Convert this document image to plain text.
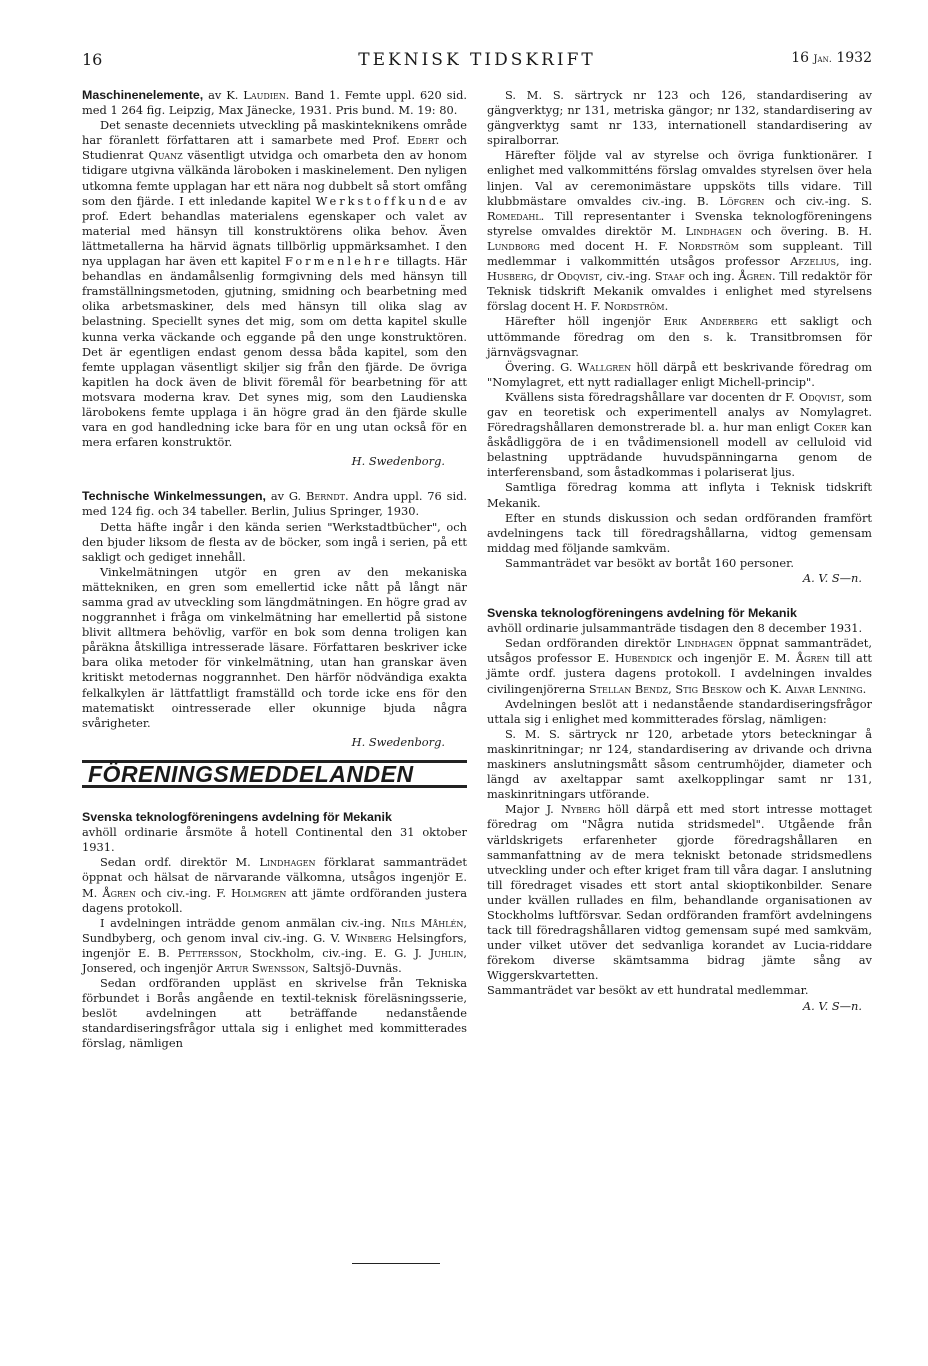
16	TEKNISK TIDSKRIFT	16 Jan. 1932

Maschinenelemente, av K. Laudien. Band 1. Femte uppl. 620 sid. med 1 264 fig. Leipzig, Max Jänecke, 1931. Pris bund. M. 19: 80.

Det senaste decenniets utveckling på maskinteknikens område har föranlett författaren att i samarbete med Prof. Edert och Studienrat Quanz väsentligt utvidga och omarbeta den av honom tidigare utgivna välkända läroboken i maskinelement. Den nyligen utkomna femte upplagan har ett nära nog dubbelt så stort omfång som den fjärde. I ett inledande kapitel Werkstoffkunde av prof. Edert behandlas materialens egenskaper och valet av material med hänsyn till konstruktörens olika behov. Även lättmetallerna ha härvid ägnats tillbörlig uppmärksamhet. I den nya upplagan har även ett kapitel Formenlehre tillagts. Här behandlas en ändamålsenlig formgivning dels med hänsyn till framställningsmetoden, gjutning, smidning och bearbetning med olika arbetsmaskiner, dels med hänsyn till olika slag av belastning. Speciellt synes det mig, som om detta kapitel skulle kunna verka väckande och eggande på den unge konstruktören. Det är egentligen endast genom dessa båda kapitel, som den femte upplagan väsentligt skiljer sig från den fjärde. De övriga kapitlen ha dock även de blivit föremål för bearbetning för att motsvara moderna krav. Det synes mig, som den Laudienska lärobokens femte upplaga i än högre grad än den fjärde skulle vara en god handledning icke bara för en ung utan också för en mera erfaren konstruktör.

H. Swedenborg.

Technische Winkelmessungen, av G. Berndt. Andra uppl. 76 sid. med 124 fig. och 34 tabeller. Berlin, Julius Springer, 1930.

Detta häfte ingår i den kända serien "Werkstadtbücher", och den bjuder liksom de flesta av de böcker, som ingå i serien, på ett sakligt och gediget innehåll.

Vinkelmätningen utgör en gren av den mekaniska mättekniken, en gren som emellertid icke nått på långt när samma grad av utveckling som längdmätningen. En högre grad av noggrannhet i fråga om vinkelmätning har emellertid på sistone blivit alltmera behövlig, varför en bok som denna troligen kan påräkna åtskilliga intresserade läsare. Författaren beskriver icke bara olika metoder för vinkelmätning, utan han granskar även kritiskt metodernas noggrannhet. Den härför nödvändiga exakta felkalkylen är lättfattligt framställd och torde icke ens för den matematiskt ointresserade eller okunnige bjuda några svårigheter.

H. Swedenborg.
FÖRENINGSMEDDELANDEN
Svenska teknologföreningens avdelning för Mekanik

avhöll ordinarie årsmöte å hotell Continental den 31 oktober 1931.

Sedan ordf. direktör M. Lindhagen förklarat sammanträdet öppnat och hälsat de närvarande välkomna, utsågos ingenjör E. M. Ågren och civ.-ing. F. Holmgren att jämte ordföranden justera dagens protokoll.

I avdelningen inträdde genom anmälan civ.-ing. Nils Måhlén, Sundbyberg, och genom inval civ.-ing. G. V. Winberg Helsingfors, ingenjör E. B. Pettersson, Stockholm, civ.-ing. E. G. J. Juhlin, Jonsered, och ingenjör Artur Swensson, Saltsjö-Duvnäs.

Sedan ordföranden uppläst en skrivelse från Tekniska förbundet i Borås angående en textil-teknisk föreläsningsserie, beslöt avdelningen att beträffande nedanstående standardiseringsfrågor uttala sig i enlighet med kommitterades förslag, nämligen

S. M. S. särtryck nr 123 och 126, standardisering av gängverktyg; nr 131, metriska gängor; nr 132, standardisering av gängverktyg samt nr 133, internationell standardisering av spiralborrar.

Härefter följde val av styrelse och övriga funktionärer. I enlighet med valkommitténs förslag omvaldes styrelsen över hela linjen. Val av ceremonimästare uppsköts tills vidare. Till klubbmästare omvaldes civ.-ing. B. Löfgren och civ.-ing. S. Romedahl. Till representanter i Svenska teknologföreningens styrelse omvaldes direktör M. Lindhagen och övering. B. H. Lundborg med docent H. F. Nordström som suppleant. Till medlemmar i valkommittén utsågos professor Afzelius, ing. Husberg, dr Odqvist, civ.-ing. Staaf och ing. Ågren. Till redaktör för Teknisk tidskrift Mekanik omvaldes i enlighet med styrelsens förslag docent H. F. Nordström.

Härefter höll ingenjör Erik Anderberg ett sakligt och uttömmande föredrag om den s. k. Transitbromsen för järnvägsvagnar.

Övering. G. Wallgren höll därpå ett beskrivande föredrag om "Nomylagret, ett nytt radiallager enligt Michell-princip".

Kvällens sista föredragshållare var docenten dr F. Odqvist, som gav en teoretisk och experimentell analys av Nomylagret. Föredragshållaren demonstrerade bl. a. hur man enligt Coker kan åskådliggöra de i en tvådimensionell modell av celluloid vid belastning uppträdande huvudspänningarna genom de interferensband, som åstadkommas i polariserat ljus.

Samtliga föredrag komma att inflyta i Teknisk tidskrift Mekanik.

Efter en stunds diskussion och sedan ordföranden framfört avdelningens tack till föredragshållarna, vidtog gemensam middag med följande samkväm.

Sammanträdet var besökt av bortåt 160 personer.

A. V. S—n.
Svenska teknologföreningens avdelning för Mekanik

avhöll ordinarie julsammanträde tisdagen den 8 december 1931.

Sedan ordföranden direktör Lindhagen öppnat sammanträdet, utsågos professor E. Hubendick och ingenjör E. M. Ågren till att jämte ordf. justera dagens protokoll. I avdelningen invaldes civilingenjörerna Stellan Bendz, Stig Beskow och K. Alvar Lenning.

Avdelningen beslöt att i nedanstående standardiseringsfrågor uttala sig i enlighet med kommitterades förslag, nämligen:

S. M. S. särtryck nr 120, arbetade ytors beteckningar å maskinritningar; nr 124, standardisering av drivande och drivna maskiners anslutningsmått såsom centrumhöjder, diameter och längd av axeltappar samt axelkopplingar samt nr 131, maskinritningars utförande.

Major J. Nyberg höll därpå ett med stort intresse mottaget föredrag om "Några nutida stridsmedel". Utgående från världskrigets erfarenheter gjorde föredragshållaren en sammanfattning av de mera tekniskt betonade stridsmedlens utveckling under och efter kriget fram till våra dagar. I anslutning till föredraget visades ett stort antal skioptikonbilder. Senare under kvällen rullades en film, behandlande organisationen av Stockholms luftförsvar. Sedan ordföranden framfört avdelningens tack till föredragshållaren vidtog gemensam supé med samkväm, under vilket utöver det sedvanliga korandet av Lucia-riddare förekom diverse skämtsamma bidrag jämte sång av Wiggerskvartetten.

Sammanträdet var besökt av ett hundratal medlemmar.

A. V. S—n.
